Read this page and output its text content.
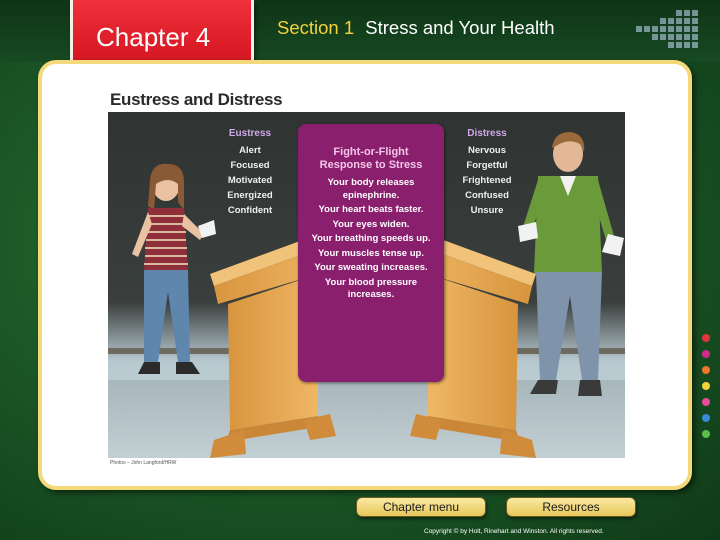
Chapter 4	Section 1 Stress and Your Health
Eustress and Distress
Eustress
Alert
Focused
Motivated
Energized
Confident
Distress
Nervous
Forgetful
Frightened
Confused
Unsure
Fight-or-Flight
Response to Stress
Your body releases epinephrine.
Your heart beats faster.
Your eyes widen.
Your breathing speeds up.
Your muscles tense up.
Your sweating increases.
Your blood pressure increases.
Photos – John Langford/HRW
Chapter menu	Resources
Copyright © by Holt, Rinehart and Winston. All rights reserved.
